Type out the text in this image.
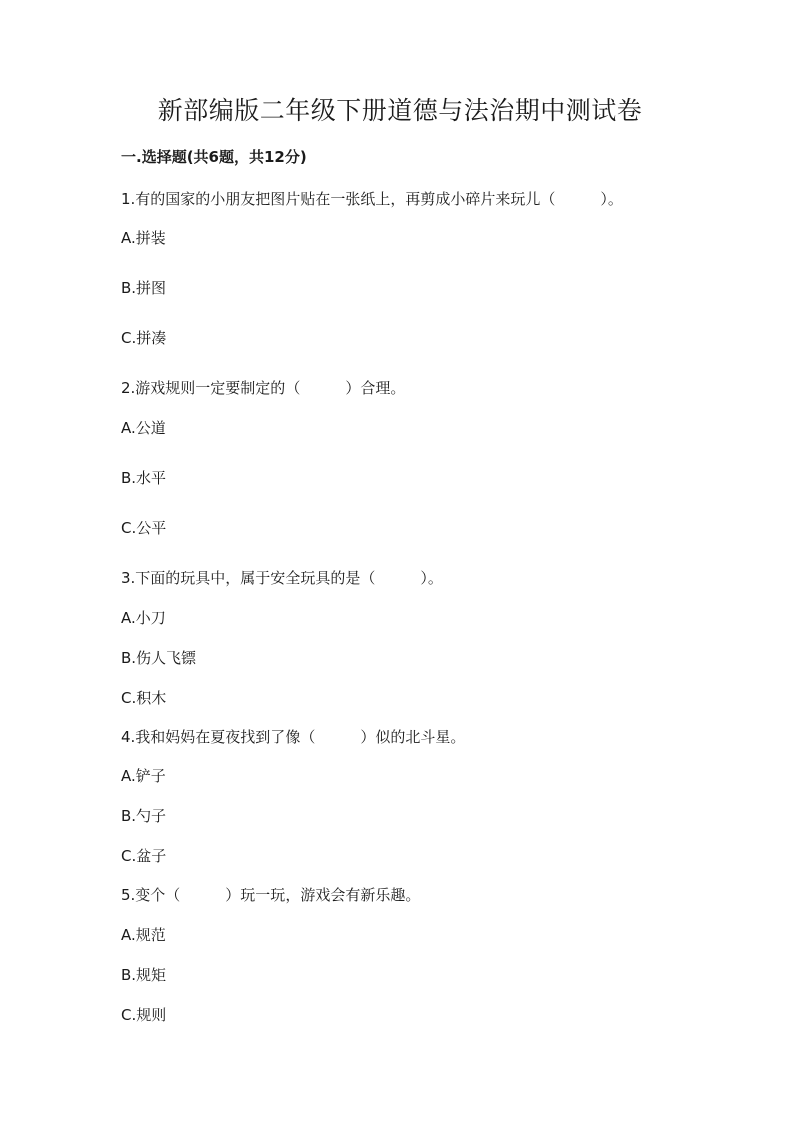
新部编版二年级下册道德与法治期中测试卷
一.选择题(共6题，共12分)
1.有的国家的小朋友把图片贴在一张纸上，再剪成小碎片来玩儿（　　　）。
A.拼装
B.拼图
C.拼凑
2.游戏规则一定要制定的（　　　）合理。
A.公道
B.水平
C.公平
3.下面的玩具中，属于安全玩具的是（　　　）。
A.小刀
B.伤人飞镖
C.积木
4.我和妈妈在夏夜找到了像（　　　）似的北斗星。
A.铲子
B.勺子
C.盆子
5.变个（　　　）玩一玩，游戏会有新乐趣。
A.规范
B.规矩
C.规则
